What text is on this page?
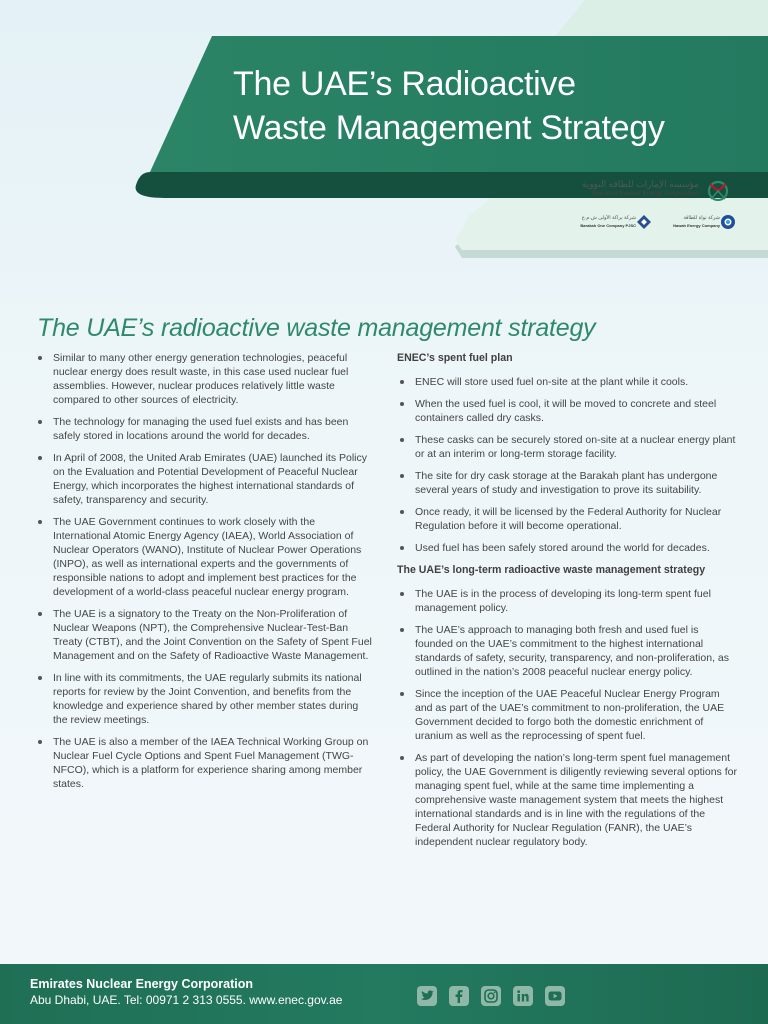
The UAE’s Radioactive
Waste Management Strategy
مؤسسة الإمارات للطاقة النووية
Emirates Nuclear Energy Corporation
شركة براكة الأولى ش.م.خ
Barakah One Company PJSC
شركة نواة للطاقة
Nawah Energy Company
The UAE’s radioactive waste management strategy
Similar to many other energy generation technologies, peaceful nuclear energy does result waste, in this case used nuclear fuel assemblies. However, nuclear produces relatively little waste compared to other sources of electricity.
The technology for managing the used fuel exists and has been safely stored in locations around the world for decades.
In April of 2008, the United Arab Emirates (UAE) launched its Policy on the Evaluation and Potential Development of Peaceful Nuclear Energy, which incorporates the highest international standards of safety, transparency and security.
The UAE Government continues to work closely with the International Atomic Energy Agency (IAEA), World Association of Nuclear Operators (WANO), Institute of Nuclear Power Operations (INPO), as well as international experts and the governments of responsible nations to adopt and implement best practices for the development of a world-class peaceful nuclear energy program.
The UAE is a signatory to the Treaty on the Non-Proliferation of Nuclear Weapons (NPT), the Comprehensive Nuclear-Test-Ban Treaty (CTBT), and the Joint Convention on the Safety of Spent Fuel Management and on the Safety of Radioactive Waste Management.
In line with its commitments, the UAE regularly submits its national reports for review by the Joint Convention, and benefits from the knowledge and experience shared by other member states during the review meetings.
The UAE is also a member of the IAEA Technical Working Group on Nuclear Fuel Cycle Options and Spent Fuel Management (TWG-NFCO), which is a platform for experience sharing among member states.
ENEC’s spent fuel plan
ENEC will store used fuel on-site at the plant while it cools.
When the used fuel is cool, it will be moved to concrete and steel containers called dry casks.
These casks can be securely stored on-site at a nuclear energy plant or at an interim or long-term storage facility.
The site for dry cask storage at the Barakah plant has undergone several years of study and investigation to prove its suitability.
Once ready, it will be licensed by the Federal Authority for Nuclear Regulation before it will become operational.
Used fuel has been safely stored around the world for decades.
The UAE’s long-term radioactive waste management strategy
The UAE is in the process of developing its long-term spent fuel management policy.
The UAE’s approach to managing both fresh and used fuel is founded on the UAE’s commitment to the highest international standards of safety, security, transparency, and non-proliferation, as outlined in the nation’s 2008 peaceful nuclear energy policy.
Since the inception of the UAE Peaceful Nuclear Energy Program and as part of the UAE’s commitment to non-proliferation, the UAE Government decided to forgo both the domestic enrichment of uranium as well as the reprocessing of spent fuel.
As part of developing the nation’s long-term spent fuel management policy, the UAE Government is diligently reviewing several options for managing spent fuel, while at the same time implementing a comprehensive waste management system that meets the highest international standards and is in line with the regulations of the Federal Authority for Nuclear Regulation (FANR), the UAE’s independent nuclear regulatory body.
Emirates Nuclear Energy Corporation
Abu Dhabi, UAE. Tel: 00971 2 313 0555. www.enec.gov.ae
